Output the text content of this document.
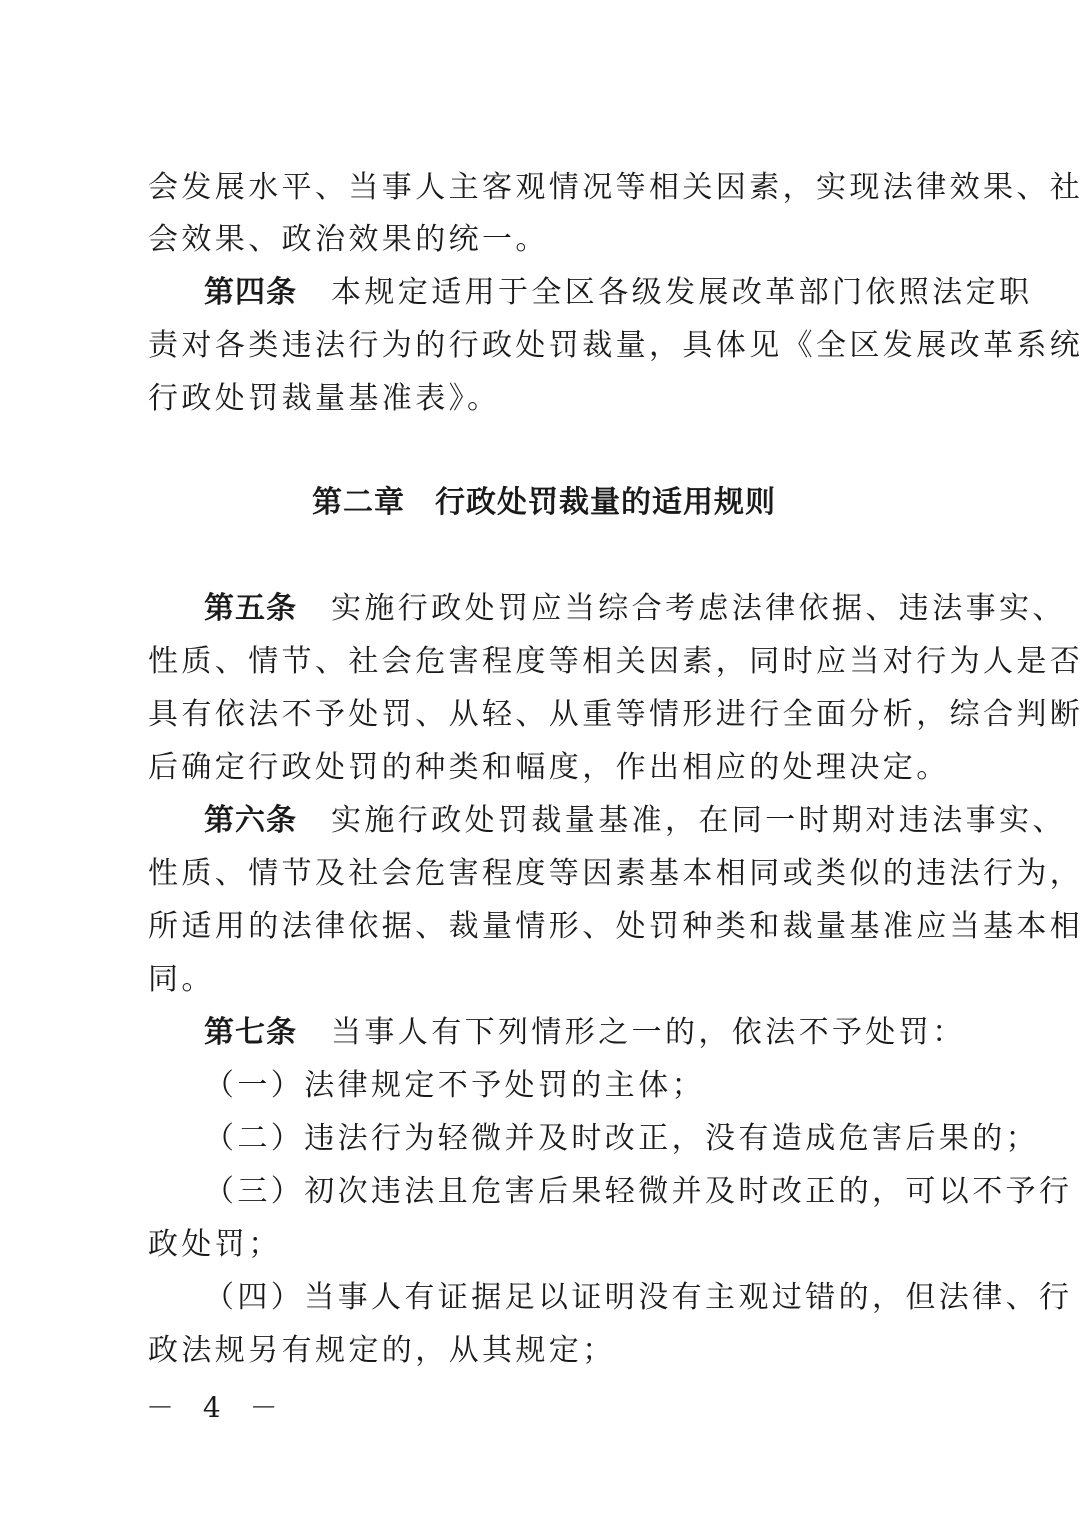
会发展水平、当事人主客观情况等相关因素，实现法律效果、社
会效果、政治效果的统一。
第四条 本规定适用于全区各级发展改革部门依照法定职
责对各类违法行为的行政处罚裁量，具体见《全区发展改革系统
行政处罚裁量基准表》。
第二章 行政处罚裁量的适用规则
第五条 实施行政处罚应当综合考虑法律依据、违法事实、
性质、情节、社会危害程度等相关因素，同时应当对行为人是否
具有依法不予处罚、从轻、从重等情形进行全面分析，综合判断
后确定行政处罚的种类和幅度，作出相应的处理决定。
第六条 实施行政处罚裁量基准，在同一时期对违法事实、
性质、情节及社会危害程度等因素基本相同或类似的违法行为，
所适用的法律依据、裁量情形、处罚种类和裁量基准应当基本相
同。
第七条 当事人有下列情形之一的，依法不予处罚：
（一）法律规定不予处罚的主体；
（二）违法行为轻微并及时改正，没有造成危害后果的；
（三）初次违法且危害后果轻微并及时改正的，可以不予行
政处罚；
（四）当事人有证据足以证明没有主观过错的，但法律、行
政法规另有规定的，从其规定；
－ 4 －
